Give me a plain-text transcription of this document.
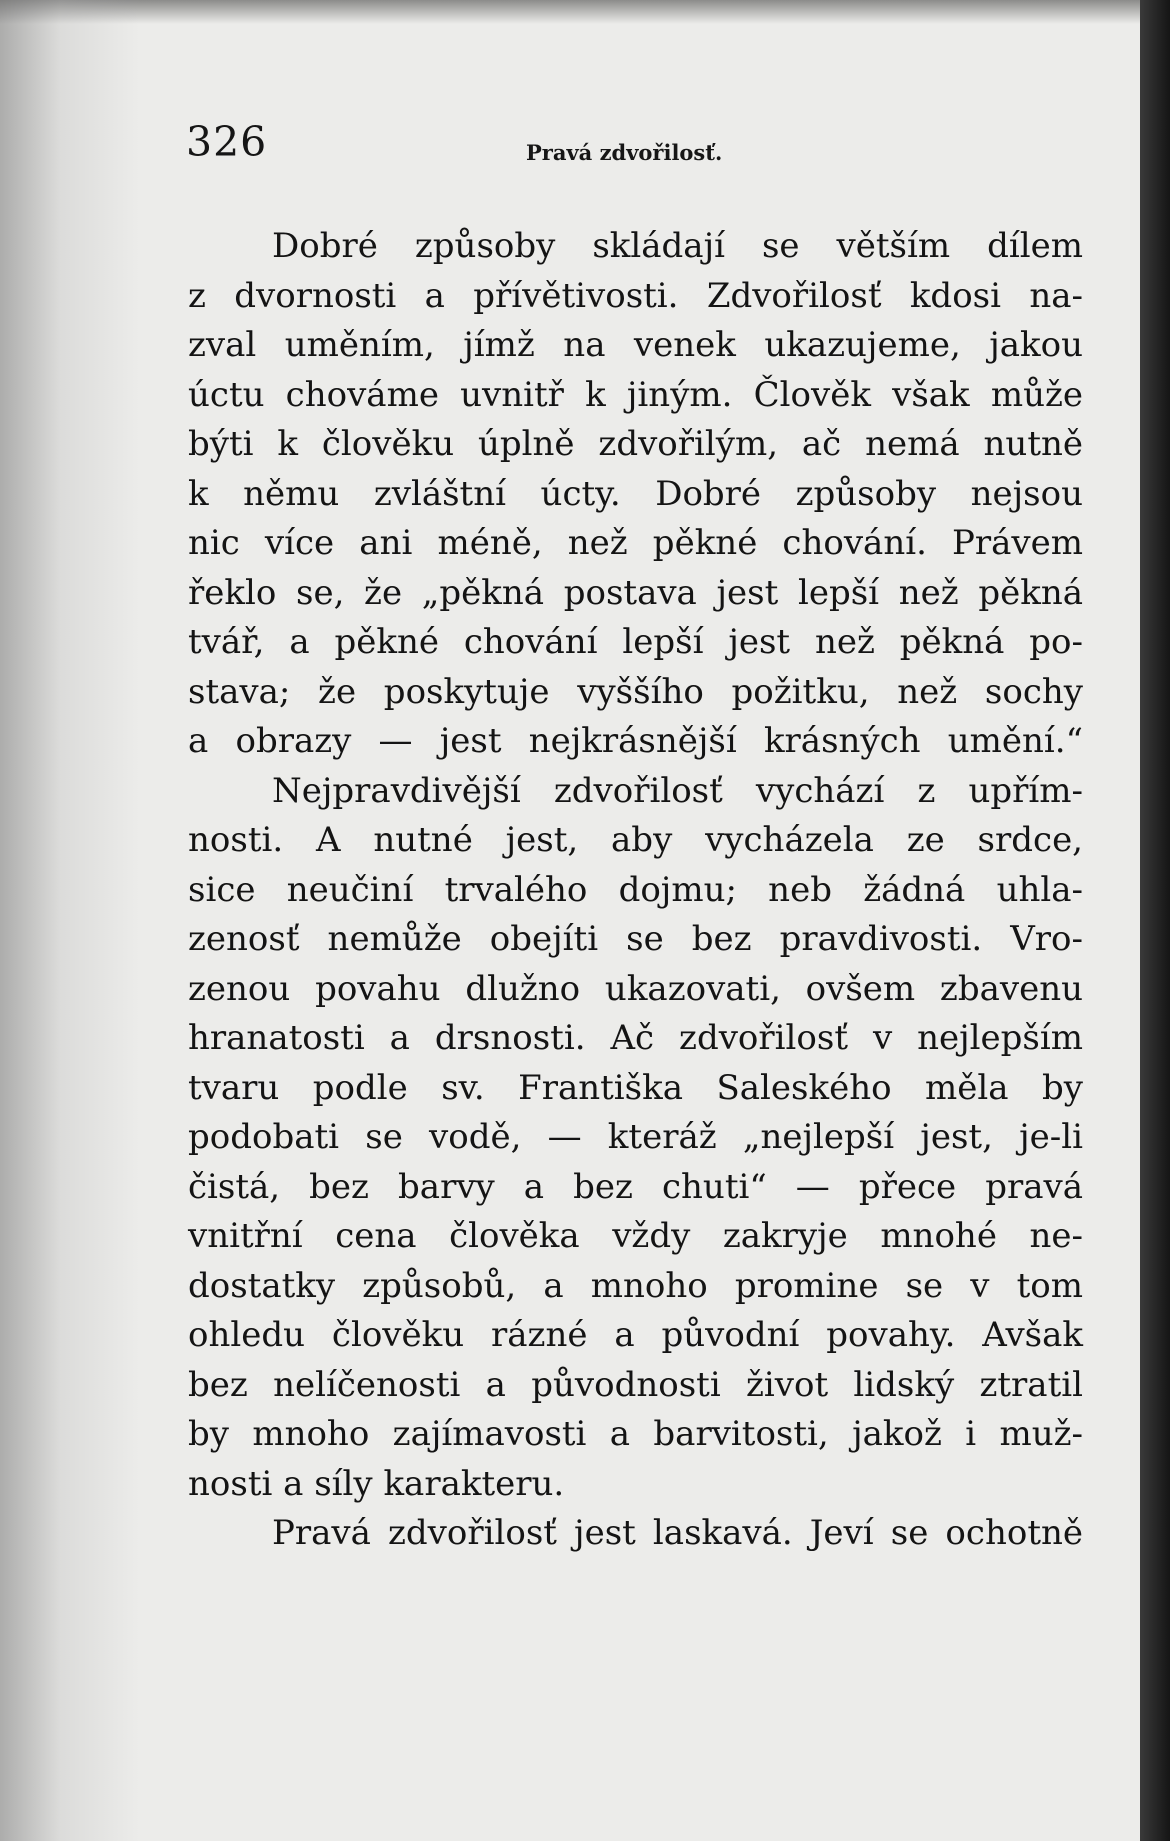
326	Pravá zdvořilosť.
Dobré způsoby skládají se větším dílem
z dvornosti a přívětivosti. Zdvořilosť kdosi na-
zval uměním, jímž na venek ukazujeme, jakou
úctu chováme uvnitř k jiným. Člověk však může
býti k člověku úplně zdvořilým, ač nemá nutně
k němu zvláštní úcty. Dobré způsoby nejsou
nic více ani méně, než pěkné chování. Právem
řeklo se, že „pěkná postava jest lepší než pěkná
tvář, a pěkné chování lepší jest než pěkná po-
stava; že poskytuje vyššího požitku, než sochy
a obrazy — jest nejkrásnější krásných umění.“
Nejpravdivější zdvořilosť vychází z upřím-
nosti. A nutné jest, aby vycházela ze srdce,
sice neučiní trvalého dojmu; neb žádná uhla-
zenosť nemůže obejíti se bez pravdivosti. Vro-
zenou povahu dlužno ukazovati, ovšem zbavenu
hranatosti a drsnosti. Ač zdvořilosť v nejlepším
tvaru podle sv. Františka Saleského měla by
podobati se vodě, — kteráž „nejlepší jest, je-li
čistá, bez barvy a bez chuti“ — přece pravá
vnitřní cena člověka vždy zakryje mnohé ne-
dostatky způsobů, a mnoho promine se v tom
ohledu člověku rázné a původní povahy. Avšak
bez nelíčenosti a původnosti život lidský ztratil
by mnoho zajímavosti a barvitosti, jakož i muž-
nosti a síly karakteru.
Pravá zdvořilosť jest laskavá. Jeví se ochotně
